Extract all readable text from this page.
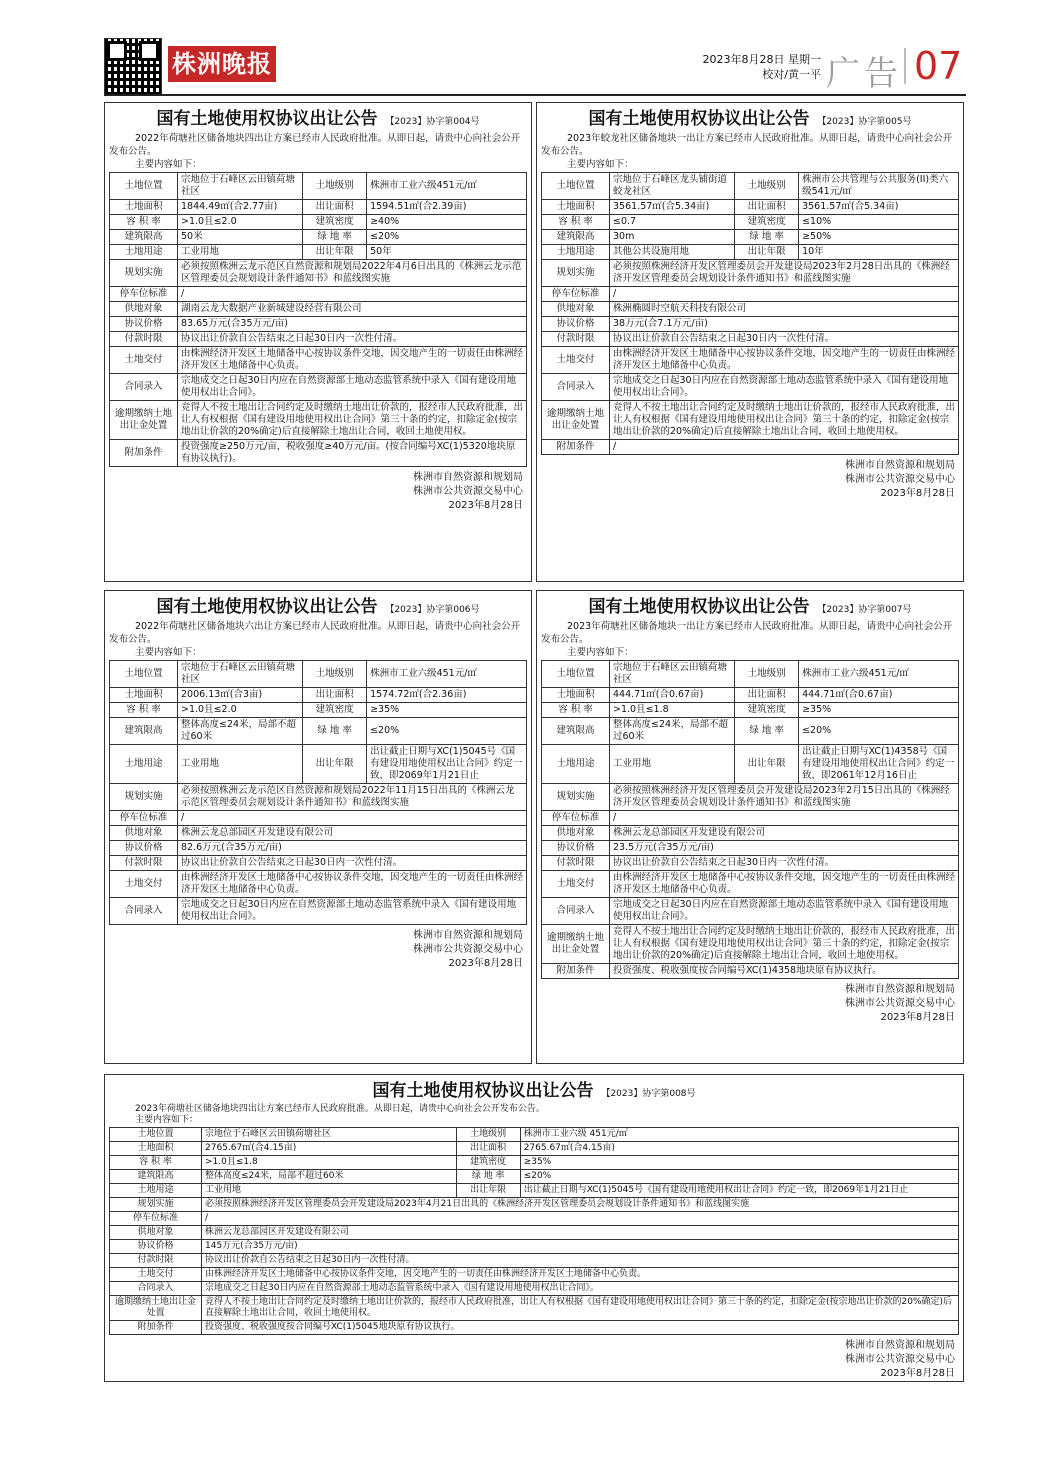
株洲晚报	2023年8月28日 星期一
校对/黄一平 广告 07
国有土地使用权协议出让公告 【2023】协字第004号
2022年荷塘社区储备地块四出让方案已经市人民政府批准。从即日起，请贵中心向社会公开发布公告。
主要内容如下：
土地位置	宗地位于石峰区云田镇荷塘社区	土地级别	株洲市工业六级451元/㎡
土地面积	1844.49㎡(合2.77亩)	出让面积	1594.51㎡(合2.39亩)
容 积 率	>1.0且≤2.0	建筑密度	≥40%
建筑限高	50米	绿 地 率	≤20%
土地用途	工业用地	出让年限	50年
规划实施	必须按照株洲云龙示范区自然资源和规划局2022年4月6日出具的《株洲云龙示范区管理委员会规划设计条件通知书》和蓝线图实施		
停车位标准	/		
供地对象	湖南云龙大数据产业新城建设经营有限公司		
协议价格	83.65万元(合35万元/亩)		
付款时限	协议出让价款自公告结束之日起30日内一次性付清。		
土地交付	由株洲经济开发区土地储备中心按协议条件交地，因交地产生的一切责任由株洲经济开发区土地储备中心负责。		
合同录入	宗地成交之日起30日内应在自然资源部土地动态监管系统中录入《国有建设用地使用权出让合同》。		
逾期缴纳土地出让金处置	竞得人不按土地出让合同约定及时缴纳土地出让价款的，报经市人民政府批准，出让人有权根据《国有建设用地使用权出让合同》第三十条的约定，扣除定金(按宗地出让价款的20%确定)后直接解除土地出让合同，收回土地使用权。		
附加条件	投资强度≥250万元/亩，税收强度≥40万元/亩。(按合同编号XC(1)5320地块原有协议执行)。		
株洲市自然资源和规划局
株洲市公共资源交易中心
2023年8月28日
国有土地使用权协议出让公告 【2023】协字第005号
2023年蛟龙社区储备地块一出让方案已经市人民政府批准。从即日起，请贵中心向社会公开发布公告。
主要内容如下：
土地位置	宗地位于石峰区龙头铺街道蛟龙社区	土地级别	株洲市公共管理与公共服务(II)类六级541元/㎡
土地面积	3561.57㎡(合5.34亩)	出让面积	3561.57㎡(合5.34亩)
容 积 率	≤0.7	建筑密度	≤10%
建筑限高	30m	绿 地 率	≥50%
土地用途	其他公共设施用地	出让年限	10年
规划实施	必须按照株洲经济开发区管理委员会开发建设局2023年2月28日出具的《株洲经济开发区管理委员会规划设计条件通知书》和蓝线图实施		
停车位标准	/		
供地对象	株洲椭圆时空航天科技有限公司		
协议价格	38万元(合7.1万元/亩)		
付款时限	协议出让价款自公告结束之日起30日内一次性付清。		
土地交付	由株洲经济开发区土地储备中心按协议条件交地，因交地产生的一切责任由株洲经济开发区土地储备中心负责。		
合同录入	宗地成交之日起30日内应在自然资源部土地动态监管系统中录入《国有建设用地使用权出让合同》。		
逾期缴纳土地出让金处置	竞得人不按土地出让合同约定及时缴纳土地出让价款的，报经市人民政府批准，出让人有权根据《国有建设用地使用权出让合同》第三十条的约定，扣除定金(按宗地出让价款的20%确定)后直接解除土地出让合同，收回土地使用权。		
附加条件	/		
株洲市自然资源和规划局
株洲市公共资源交易中心
2023年8月28日
国有土地使用权协议出让公告 【2023】协字第006号
2022年荷塘社区储备地块六出让方案已经市人民政府批准。从即日起，请贵中心向社会公开发布公告。
主要内容如下：
土地位置	宗地位于石峰区云田镇荷塘社区	土地级别	株洲市工业六级451元/㎡
土地面积	2006.13㎡(合3亩)	出让面积	1574.72㎡(合2.36亩)
容 积 率	>1.0且≤2.0	建筑密度	≥35%
建筑限高	整体高度≤24米，局部不超过60米	绿 地 率	≤20%
土地用途	工业用地	出让年限	出让截止日期与XC(1)5045号《国有建设用地使用权出让合同》约定一致，即2069年1月21日止
规划实施	必须按照株洲云龙示范区自然资源和规划局2022年11月15日出具的《株洲云龙示范区管理委员会规划设计条件通知书》和蓝线图实施		
停车位标准	/		
供地对象	株洲云龙总部园区开发建设有限公司		
协议价格	82.6万元(合35万元/亩)		
付款时限	协议出让价款自公告结束之日起30日内一次性付清。		
土地交付	由株洲经济开发区土地储备中心按协议条件交地，因交地产生的一切责任由株洲经济开发区土地储备中心负责。		
合同录入	宗地成交之日起30日内应在自然资源部土地动态监管系统中录入《国有建设用地使用权出让合同》。		
株洲市自然资源和规划局
株洲市公共资源交易中心
2023年8月28日
国有土地使用权协议出让公告 【2023】协字第007号
2023年荷塘社区储备地块一出让方案已经市人民政府批准。从即日起，请贵中心向社会公开发布公告。
主要内容如下：
土地位置	宗地位于石峰区云田镇荷塘社区	土地级别	株洲市工业六级451元/㎡
土地面积	444.71㎡(合0.67亩)	出让面积	444.71㎡(合0.67亩)
容 积 率	>1.0且≤1.8	建筑密度	≥35%
建筑限高	整体高度≤24米，局部不超过60米	绿 地 率	≤20%
土地用途	工业用地	出让年限	出让截止日期与XC(1)4358号《国有建设用地使用权出让合同》约定一致，即2061年12月16日止
规划实施	必须按照株洲经济开发区管理委员会开发建设局2023年2月15日出具的《株洲经济开发区管理委员会规划设计条件通知书》和蓝线图实施		
停车位标准	/		
供地对象	株洲云龙总部园区开发建设有限公司		
协议价格	23.5万元(合35万元/亩)		
付款时限	协议出让价款自公告结束之日起30日内一次性付清。		
土地交付	由株洲经济开发区土地储备中心按协议条件交地，因交地产生的一切责任由株洲经济开发区土地储备中心负责。		
合同录入	宗地成交之日起30日内应在自然资源部土地动态监管系统中录入《国有建设用地使用权出让合同》。		
逾期缴纳土地出让金处置	竞得人不按土地出让合同约定及时缴纳土地出让价款的，报经市人民政府批准，出让人有权根据《国有建设用地使用权出让合同》第三十条的约定，扣除定金(按宗地出让价款的20%确定)后直接解除土地出让合同，收回土地使用权。		
附加条件	投资强度、税收强度按合同编号XC(1)4358地块原有协议执行。		
株洲市自然资源和规划局
株洲市公共资源交易中心
2023年8月28日
国有土地使用权协议出让公告 【2023】协字第008号
2023年荷塘社区储备地块四出让方案已经市人民政府批准。从即日起，请贵中心向社会公开发布公告。
主要内容如下：
土地位置	宗地位于石峰区云田镇荷塘社区	土地级别	株洲市工业六级 451元/㎡
土地面积	2765.67㎡(合4.15亩)	出让面积	2765.67㎡(合4.15亩)
容 积 率	>1.0且≤1.8	建筑密度	≥35%
建筑限高	整体高度≤24米，局部不超过60米	绿 地 率	≤20%
土地用途	工业用地	出让年限	出让截止日期与XC(1)5045号《国有建设用地使用权出让合同》约定一致，即2069年1月21日止
规划实施	必须按照株洲经济开发区管理委员会开发建设局2023年4月21日出具的《株洲经济开发区管理委员会规划设计条件通知书》和蓝线图实施		
停车位标准	/		
供地对象	株洲云龙总部园区开发建设有限公司		
协议价格	145万元(合35万元/亩)		
付款时限	协议出让价款自公告结束之日起30日内一次性付清。		
土地交付	由株洲经济开发区土地储备中心按协议条件交地，因交地产生的一切责任由株洲经济开发区土地储备中心负责。		
合同录入	宗地成交之日起30日内应在自然资源部土地动态监管系统中录入《国有建设用地使用权出让合同》。		
逾期缴纳土地出让金处置	竞得人不按土地出让合同约定及时缴纳土地出让价款的，报经市人民政府批准，出让人有权根据《国有建设用地使用权出让合同》第三十条的约定，扣除定金(按宗地出让价款的20%确定)后直接解除土地出让合同，收回土地使用权。		
附加条件	投资强度、税收强度按合同编号XC(1)5045地块原有协议执行。		
株洲市自然资源和规划局
株洲市公共资源交易中心
2023年8月28日
